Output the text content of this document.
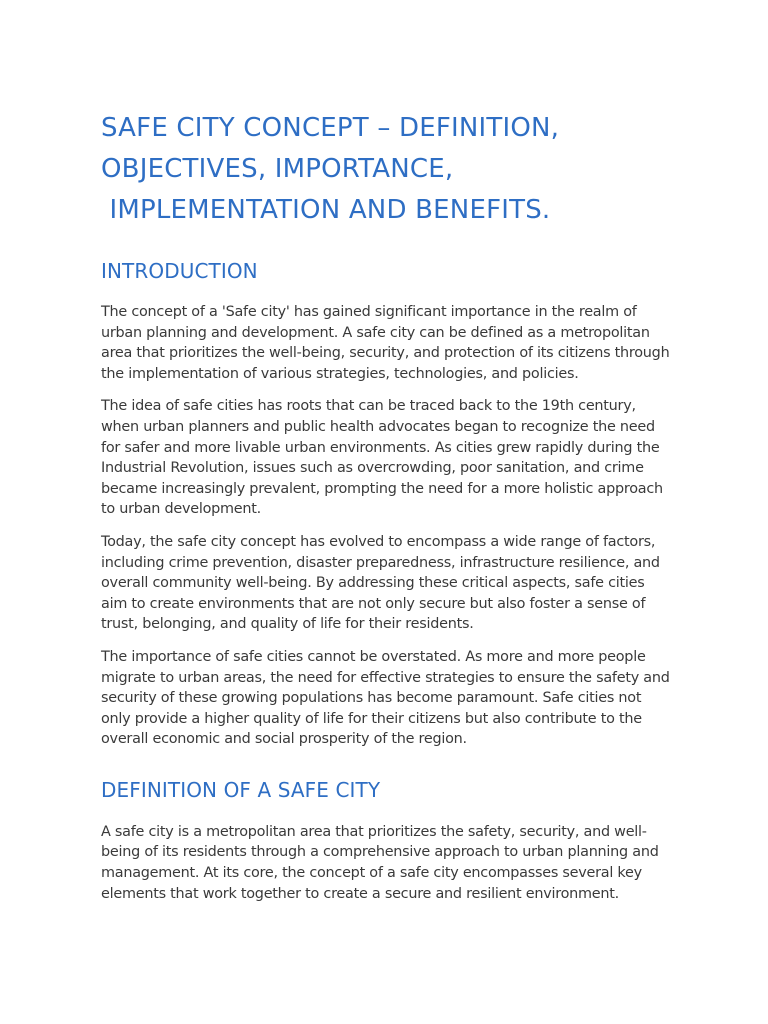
SAFE CITY CONCEPT – DEFINITION,
OBJECTIVES, IMPORTANCE,
IMPLEMENTATION AND BENEFITS.
INTRODUCTION

The concept of a 'Safe city' has gained significant importance in the realm of urban planning and development. A safe city can be defined as a metropolitan area that prioritizes the well-being, security, and protection of its citizens through the implementation of various strategies, technologies, and policies.

The idea of safe cities has roots that can be traced back to the 19th century, when urban planners and public health advocates began to recognize the need for safer and more livable urban environments. As cities grew rapidly during the Industrial Revolution, issues such as overcrowding, poor sanitation, and crime became increasingly prevalent, prompting the need for a more holistic approach to urban development.

Today, the safe city concept has evolved to encompass a wide range of factors, including crime prevention, disaster preparedness, infrastructure resilience, and overall community well-being. By addressing these critical aspects, safe cities aim to create environments that are not only secure but also foster a sense of trust, belonging, and quality of life for their residents.

The importance of safe cities cannot be overstated. As more and more people migrate to urban areas, the need for effective strategies to ensure the safety and security of these growing populations has become paramount. Safe cities not only provide a higher quality of life for their citizens but also contribute to the overall economic and social prosperity of the region.

DEFINITION OF A SAFE CITY

A safe city is a metropolitan area that prioritizes the safety, security, and well-being of its residents through a comprehensive approach to urban planning and management. At its core, the concept of a safe city encompasses several key elements that work together to create a secure and resilient environment.
